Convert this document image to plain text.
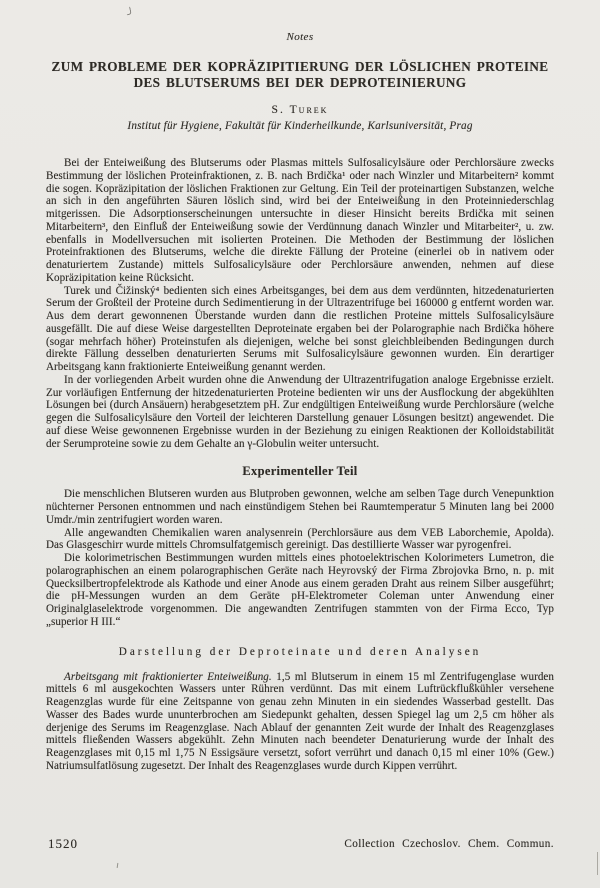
Notes
ZUM PROBLEME DER KOPRÄZIPITIERUNG DER LÖSLICHEN PROTEINE
DES BLUTSERUMS BEI DER DEPROTEINIERUNG
S. Turek
Institut für Hygiene, Fakultät für Kinderheilkunde, Karlsuniversität, Prag

Bei der Enteiweißung des Blutserums oder Plasmas mittels Sulfosalicylsäure oder Perchlorsäure zwecks Bestimmung der löslichen Proteinfraktionen, z. B. nach Brdička¹ oder nach Winzler und Mitarbeitern² kommt die sogen. Kopräzipitation der löslichen Fraktionen zur Geltung. Ein Teil der proteinartigen Substanzen, welche an sich in den angeführten Säuren löslich sind, wird bei der Enteiweißung in den Proteinniederschlag mitgerissen. Die Adsorptionserscheinungen untersuchte in dieser Hinsicht bereits Brdička mit seinen Mitarbeitern³, den Einfluß der Enteiweißung sowie der Verdünnung danach Winzler und Mitarbeiter², u. zw. ebenfalls in Modellversuchen mit isolierten Proteinen. Die Methoden der Bestimmung der löslichen Proteinfraktionen des Blutserums, welche die direkte Fällung der Proteine (einerlei ob in nativem oder denaturiertem Zustande) mittels Sulfosalicylsäure oder Perchlorsäure anwenden, nehmen auf diese Kopräzipitation keine Rücksicht.

Turek und Čižinský⁴ bedienten sich eines Arbeitsganges, bei dem aus dem verdünnten, hitzedenaturierten Serum der Großteil der Proteine durch Sedimentierung in der Ultrazentrifuge bei 160000 g entfernt worden war. Aus dem derart gewonnenen Überstande wurden dann die restlichen Proteine mittels Sulfosalicylsäure ausgefällt. Die auf diese Weise dargestellten Deproteinate ergaben bei der Polarographie nach Brdička höhere (sogar mehrfach höher) Proteinstufen als diejenigen, welche bei sonst gleichbleibenden Bedingungen durch direkte Fällung desselben denaturierten Serums mit Sulfosalicylsäure gewonnen wurden. Ein derartiger Arbeitsgang kann fraktionierte Enteiweißung genannt werden.

In der vorliegenden Arbeit wurden ohne die Anwendung der Ultrazentrifugation analoge Ergebnisse erzielt. Zur vorläufigen Entfernung der hitzedenaturierten Proteine bedienten wir uns der Ausflockung der abgekühlten Lösungen bei (durch Ansäuern) herabgesetztem pH. Zur endgültigen Enteiweißung wurde Perchlorsäure (welche gegen die Sulfosalicylsäure den Vorteil der leichteren Darstellung genauer Lösungen besitzt) angewendet. Die auf diese Weise gewonnenen Ergebnisse wurden in der Beziehung zu einigen Reaktionen der Kolloidstabilität der Serumproteine sowie zu dem Gehalte an γ-Globulin weiter untersucht.

Experimenteller Teil

Die menschlichen Blutseren wurden aus Blutproben gewonnen, welche am selben Tage durch Venepunktion nüchterner Personen entnommen und nach einstündigem Stehen bei Raumtemperatur 5 Minuten lang bei 2000 Umdr./min zentrifugiert worden waren.

Alle angewandten Chemikalien waren analysenrein (Perchlorsäure aus dem VEB Laborchemie, Apolda). Das Glasgeschirr wurde mittels Chromsulfatgemisch gereinigt. Das destillierte Wasser war pyrogenfrei.

Die kolorimetrischen Bestimmungen wurden mittels eines photoelektrischen Kolorimeters Lumetron, die polarographischen an einem polarographischen Geräte nach Heyrovský der Firma Zbrojovka Brno, n. p. mit Quecksilbertropfelektrode als Kathode und einer Anode aus einem geraden Draht aus reinem Silber ausgeführt; die pH-Messungen wurden an dem Geräte pH-Elektrometer Coleman unter Anwendung einer Originalglaselektrode vorgenommen. Die angewandten Zentrifugen stammten von der Firma Ecco, Typ „superior H III.“

Darstellung der Deproteinate und deren Analysen

Arbeitsgang mit fraktionierter Enteiweißung. 1,5 ml Blutserum in einem 15 ml Zentrifugenglase wurden mittels 6 ml ausgekochten Wassers unter Rühren verdünnt. Das mit einem Luftrückflußkühler versehene Reagenzglas wurde für eine Zeitspanne von genau zehn Minuten in ein siedendes Wasserbad gestellt. Das Wasser des Bades wurde ununterbrochen am Siedepunkt gehalten, dessen Spiegel lag um 2,5 cm höher als derjenige des Serums im Reagenzglase. Nach Ablauf der genannten Zeit wurde der Inhalt des Reagenzglases mittels fließenden Wassers abgekühlt. Zehn Minuten nach beendeter Denaturierung wurde der Inhalt des Reagenzglases mit 0,15 ml 1,75 N Essigsäure versetzt, sofort verrührt und danach 0,15 ml einer 10% (Gew.) Natriumsulfatlösung zugesetzt. Der Inhalt des Reagenzglases wurde durch Kippen verrührt.

1520	Collection Czechoslov. Chem. Commun.
